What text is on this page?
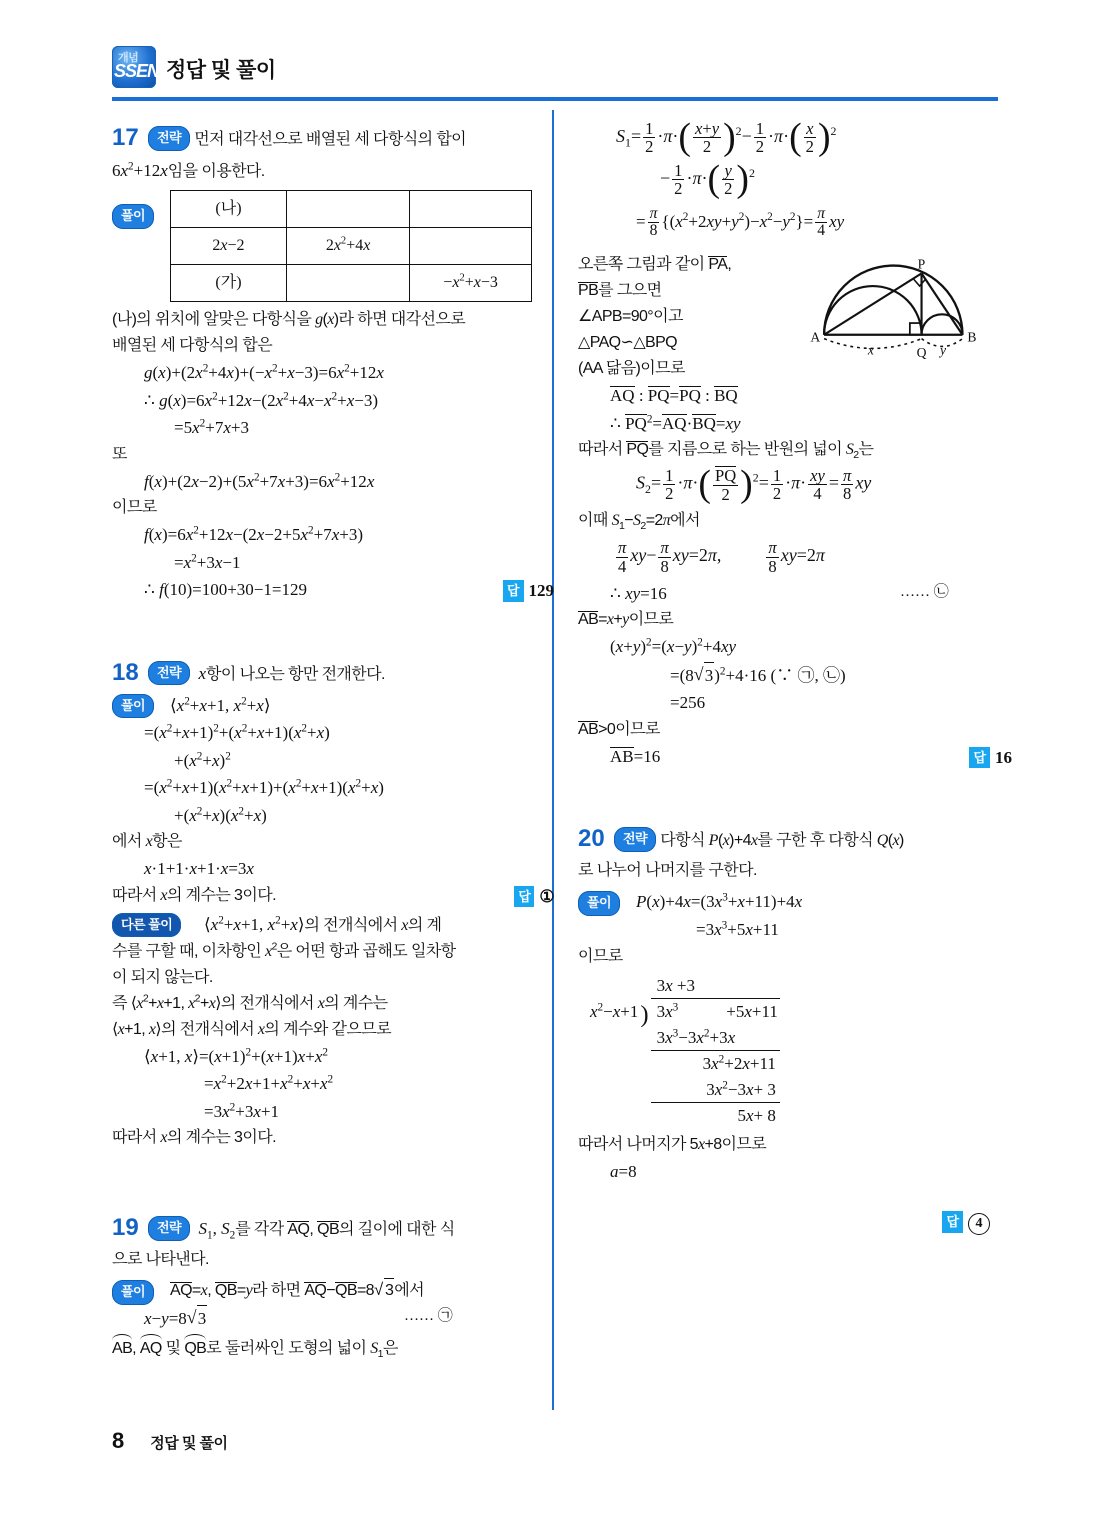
개념
SSEN 정답 및 풀이
17 전략 먼저 대각선으로 배열된 세 다항식의 합이
$6x^2+12x$임을 이용한다.
풀이	(나)		
2x−2	$2x^2+4x$	
(가)		$-x^2+x-3$
(나)의 위치에 알맞은 다항식을 g(x)라 하면 대각선으로
배열된 세 다항식의 합은
$g(x)+(2x^2+4x)+(-x^2+x-3)=6x^2+12x$
∴ $g(x)=6x^2+12x-(2x^2+4x-x^2+x-3)$
$=5x^2+7x+3$
또
$f(x)+(2x-2)+(5x^2+7x+3)=6x^2+12x$
이므로
$f(x)=6x^2+12x-(2x-2+5x^2+7x+3)$
$=x^2+3x-1$
∴ f(10)=100+30−1=129	답 129
18 전략 x항이 나오는 항만 전개한다.
풀이	$⟨x^2+x+1$, $x^2+x⟩$
$=(x^2+x+1)^2+(x^2+x+1)(x^2+x)$
$+(x^2+x)^2$
$=(x^2+x+1)(x^2+x+1)+(x^2+x+1)(x^2+x)$
$+(x^2+x)(x^2+x)$
에서 x항은
x·1+1·x+1·x=3x
따라서 x의 계수는 3이다.	답 ①
다른 풀이	$⟨x^2+x+1$, $x^2+x⟩$의 전개식에서 x의 계
수를 구할 때, 이차항인 $x^2$은 어떤 항과 곱해도 일차항
이 되지 않는다.
즉 $⟨x^2+x+1$, $x^2+x⟩$의 전개식에서 x의 계수는
⟨x+1, x⟩의 전개식에서 x의 계수와 같으므로
⟨x+1, $x⟩=(x+1)^2+(x+1)x+x^2$
$=x^2+2x+1+x^2+x+x^2$
$=3x^2+3x+1$
따라서 x의 계수는 3이다.
19 전략 $S_1$, $S_2$를 각각 AQ, QB의 길이에 대한 식
으로 나타낸다.
풀이	AQ=x, QB=y라 하면 AQ−QB=8 √ 3에서
x−y=8 √ 3	…… ㉠
AB, AQ 및 QB로 둘러싸인 도형의 넓이 $S_1$은
$S_1= \frac{1}{2} \cdot\pi\cdot( \frac{x+y}{2} )^2- \frac{1}{2} \cdot\pi\cdot( \frac{x}{2} )^2$
− $\frac{1}{2} \cdot\pi\cdot( \frac{y}{2} )^2$
= $\frac{\pi}{8} \{(x^2+2xy+y^2)-x^2-y^2\}= \frac{\pi}{4}$ xy
오른쪽 그림과 같이 PA,
PB를 그으면
∠APB=90°이고
△PAQ∽△BPQ
(AA 닮음)이므로
A	B
Q
P
x	y
AQ : PQ=PQ : BQ
∴ $PQ^2=AQ\cdot BQ=xy$
따라서 PQ를 지름으로 하는 반원의 넓이 $S_2$는
$S_2= \frac{1}{2} \cdot\pi\cdot( \frac{PQ}{2} )^2= \frac{1}{2} \cdot\pi\cdot \frac{xy}{4} = \frac{\pi}{8}$ xy
이때 $S_1-S_2=2\pi$에서
$\frac{\pi}{4} xy- \frac{\pi}{8} xy=2\pi$, $\frac{\pi}{8} xy=2\pi$
∴ xy=16	…… ㉡
AB=x+y이므로
$(x+y)^2=(x-y)^2+4xy$
=(8 √ 3)$^2$+4·16 (∵ ㉠, ㉡)
=256
AB>0이므로
AB=16	답 16
20 전략 다항식 P(x)+4x를 구한 후 다항식 Q(x)
로 나누어 나머지를 구한다.
풀이	$P(x)+4x=(3x^3+x+11)+4x$
$=3x^3+5x+11$
이므로
		3x +3
$x^2-x+1$	) $3x^3 +5x+11$
		$3x^3-3x^2+3x$
		$3x^2+2x+11$
		$3x^2-3x+ 3$
		5x+ 8
따라서 나머지가 5x+8이므로
a=8
답 4
8 정답 및 풀이
